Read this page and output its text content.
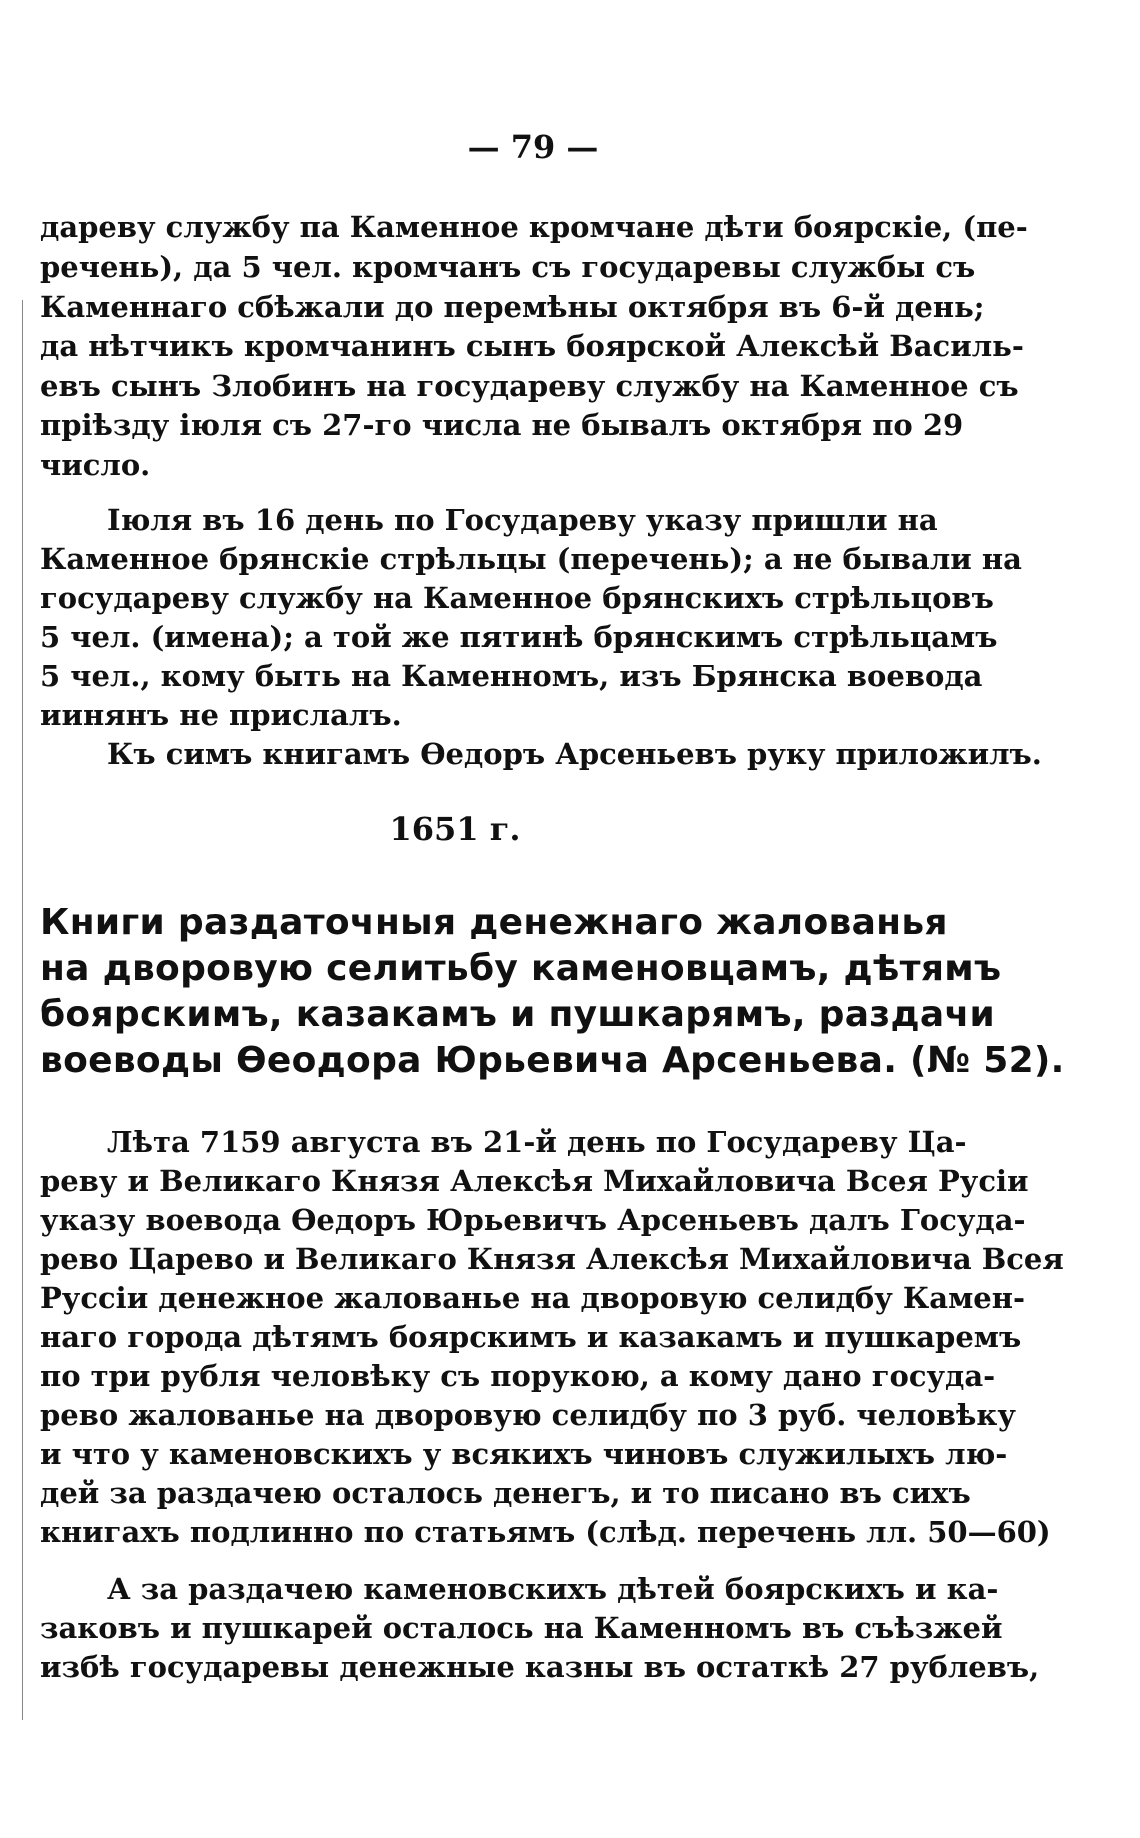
— 79 —
дареву службу па Каменное кромчане дѣти боярскіе, (пе-
речень), да 5 чел. кромчанъ съ государевы службы съ
Каменнаго сбѣжали до перемѣны октября въ 6-й день;
да нѣтчикъ кромчанинъ сынъ боярской Алексѣй Василь-
евъ сынъ Злобинъ на государеву службу на Каменное съ
пріѣзду іюля съ 27-го числа не бывалъ октября по 29
число.
Іюля въ 16 день по Государеву указу пришли на
Каменное брянскіе стрѣльцы (перечень); а не бывали на
государеву службу на Каменное брянскихъ стрѣльцовъ
5 чел. (имена); а той же пятинѣ брянскимъ стрѣльцамъ
5 чел., кому быть на Каменномъ, изъ Брянска воевода
иинянъ не прислалъ.
Къ симъ книгамъ Ѳедоръ Арсеньевъ руку приложилъ.
1651 г.
Книги раздаточныя денежнаго жалованья
на дворовую селитьбу каменовцамъ, дѣтямъ
боярскимъ, казакамъ и пушкарямъ, раздачи
воеводы Ѳеодора Юрьевича Арсеньева. (№ 52).
Лѣта 7159 августа въ 21-й день по Государеву Ца-
реву и Великаго Князя Алексѣя Михайловича Всея Русіи
указу воевода Ѳедоръ Юрьевичъ Арсеньевъ далъ Госуда-
рево Царево и Великаго Князя Алексѣя Михайловича Всея
Руссіи денежное жалованье на дворовую селидбу Камен-
наго города дѣтямъ боярскимъ и казакамъ и пушкаремъ
по три рубля человѣку съ порукою, а кому дано госуда-
рево жалованье на дворовую селидбу по 3 руб. человѣку
и что у каменовскихъ у всякихъ чиновъ служилыхъ лю-
дей за раздачею осталось денегъ, и то писано въ сихъ
книгахъ подлинно по статьямъ (слѣд. перечень лл. 50—60)
А за раздачею каменовскихъ дѣтей боярскихъ и ка-
заковъ и пушкарей осталось на Каменномъ въ съѣзжей
избѣ государевы денежные казны въ остаткѣ 27 рублевъ,
